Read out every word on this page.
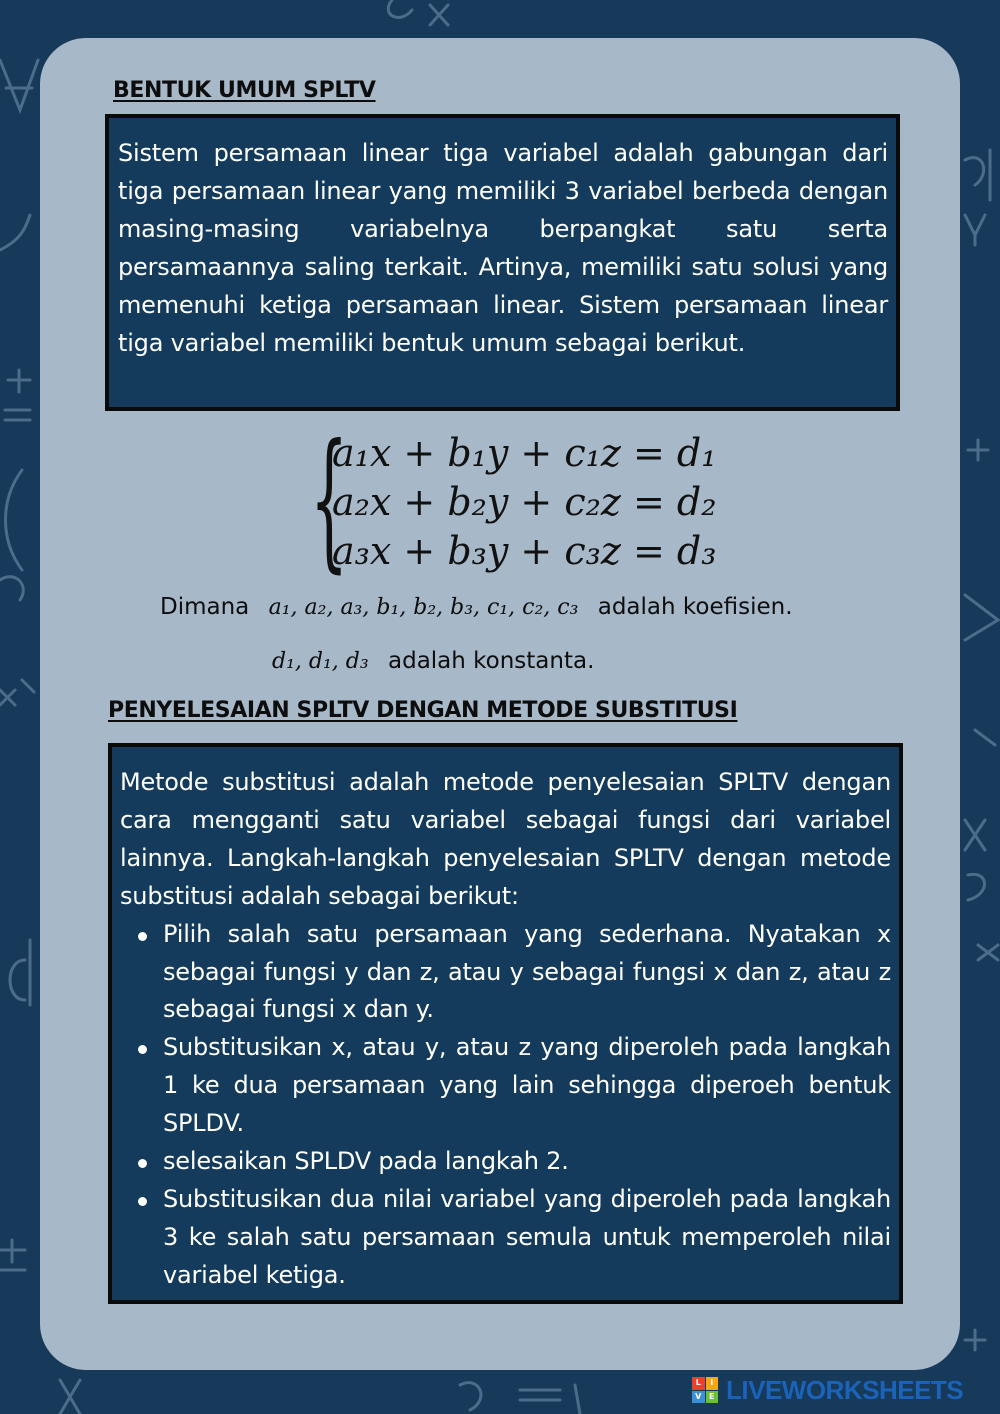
BENTUK UMUM SPLTV

Sistem persamaan linear tiga variabel adalah gabungan dari tiga persamaan linear yang memiliki 3 variabel berbeda dengan masing-masing variabelnya berpangkat satu serta persamaannya saling terkait. Artinya, memiliki satu solusi yang memenuhi ketiga persamaan linear. Sistem persamaan linear tiga variabel memiliki bentuk umum sebagai berikut.

{

a₁x + b₁y + c₁z = d₁

a₂x + b₂y + c₂z = d₂

a₃x + b₃y + c₃z = d₃

Dimana a₁, a₂, a₃, b₁, b₂, b₃, c₁, c₂, c₃ adalah koefisien.

d₁, d₁, d₃ adalah konstanta.

PENYELESAIAN SPLTV DENGAN METODE SUBSTITUSI

Metode substitusi adalah metode penyelesaian SPLTV dengan cara mengganti satu variabel sebagai fungsi dari variabel lainnya. Langkah-langkah penyelesaian SPLTV dengan metode substitusi adalah sebagai berikut:

Pilih salah satu persamaan yang sederhana. Nyatakan x sebagai fungsi y dan z, atau y sebagai fungsi x dan z, atau z sebagai fungsi x dan y.
Substitusikan x, atau y, atau z yang diperoleh pada langkah 1 ke dua persamaan yang lain sehingga diperoeh bentuk SPLDV.
selesaikan SPLDV pada langkah 2.
Substitusikan dua nilai variabel yang diperoleh pada langkah 3 ke salah satu persamaan semula untuk memperoleh nilai variabel ketiga.
L	I
V E LIVEWORKSHEETS
